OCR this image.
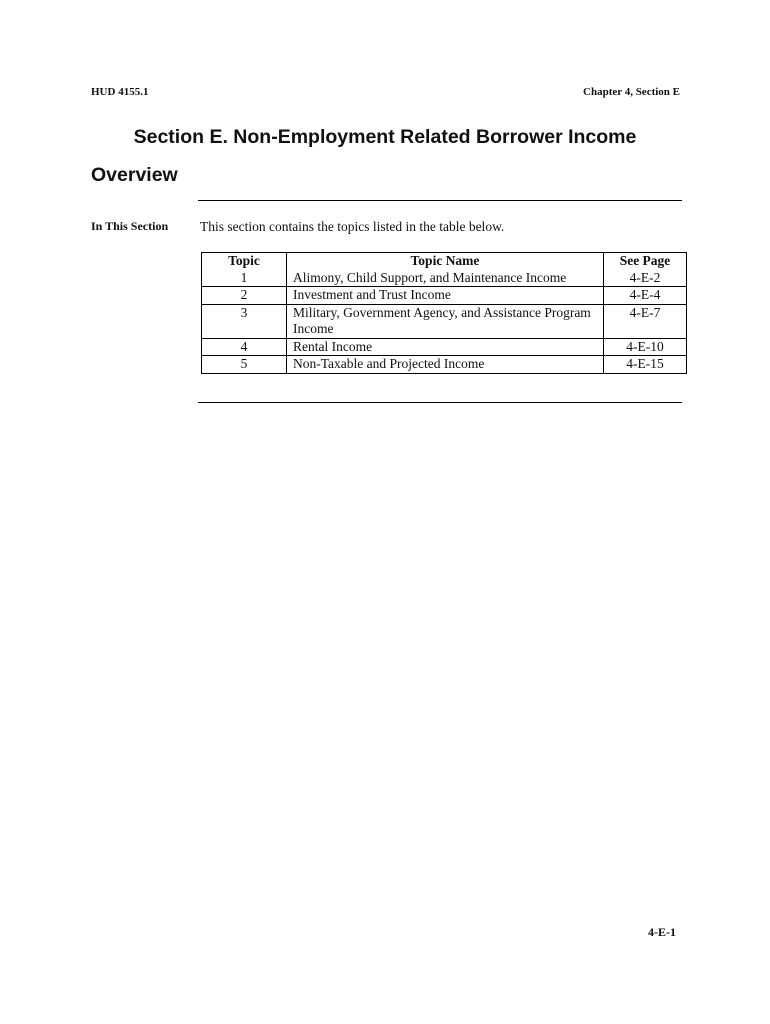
HUD 4155.1	Chapter 4, Section E
Section E. Non-Employment Related Borrower Income
Overview
In This Section This section contains the topics listed in the table below.
Topic	Topic Name	See Page
1	Alimony, Child Support, and Maintenance Income	4-E-2
2	Investment and Trust Income	4-E-4
3	Military, Government Agency, and Assistance Program Income	4-E-7
4	Rental Income	4-E-10
5	Non-Taxable and Projected Income	4-E-15
4-E-1
